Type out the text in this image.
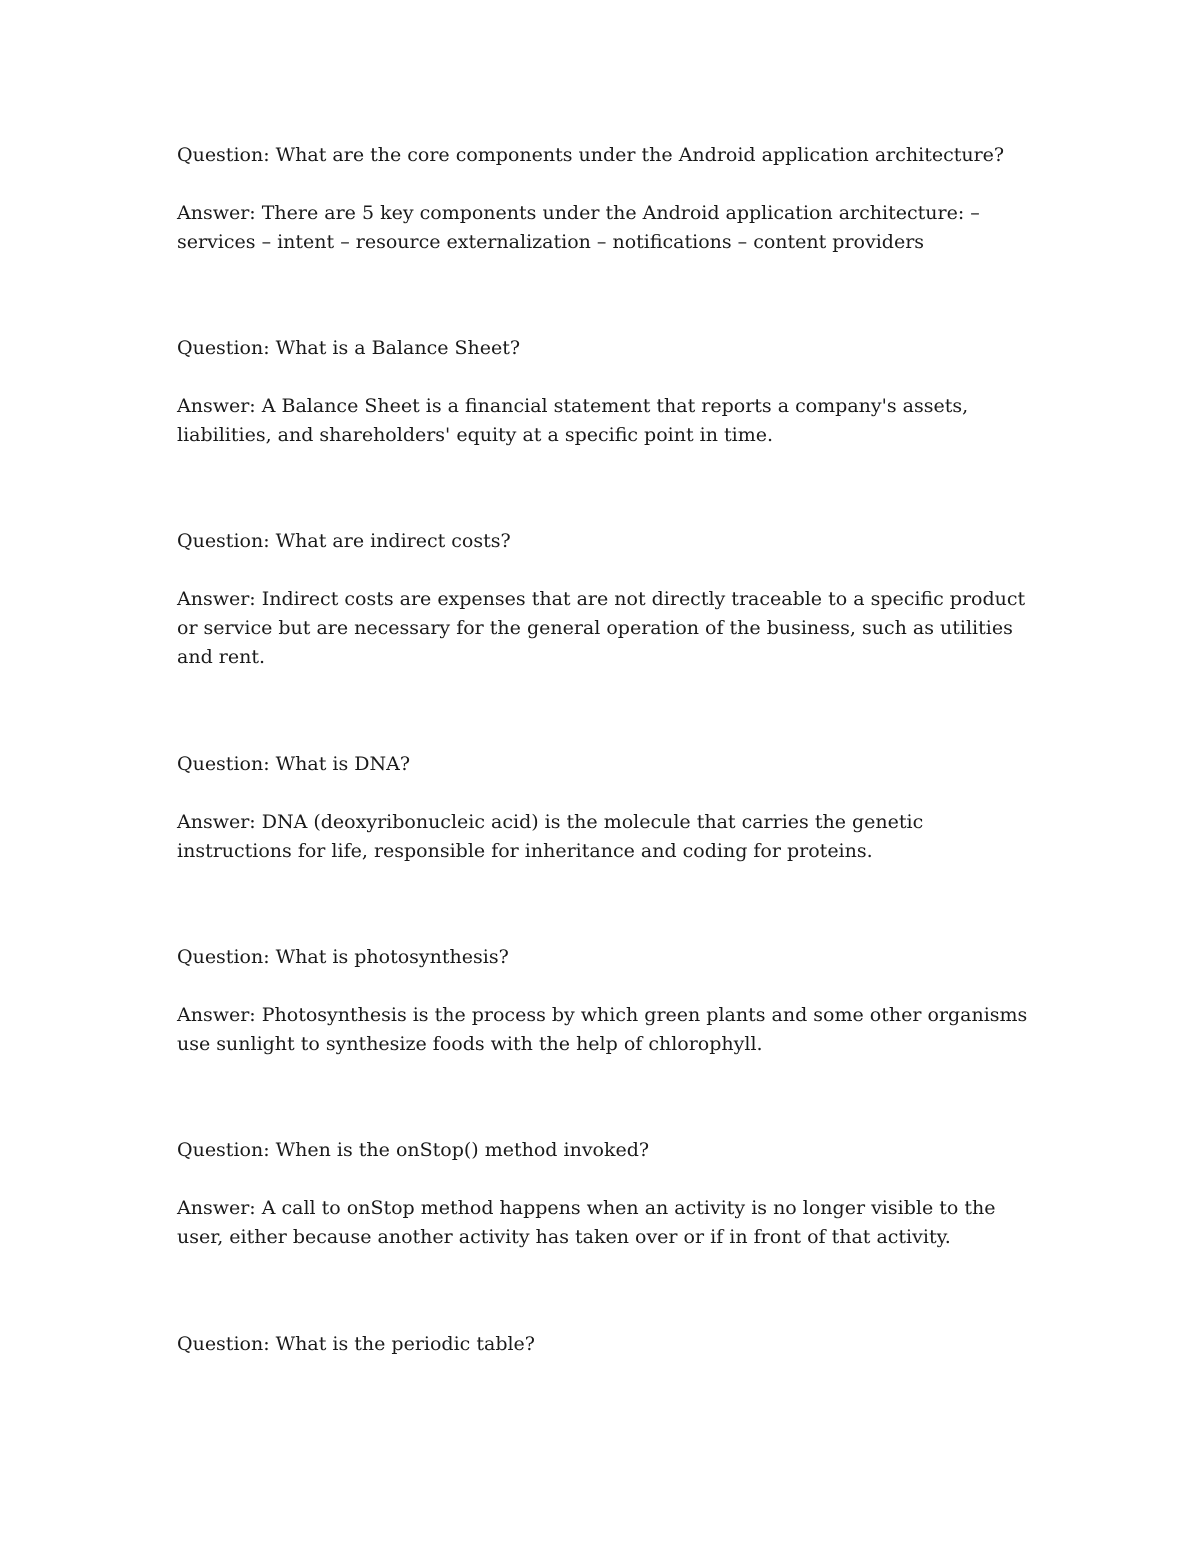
Question: What are the core components under the Android application architecture?

Answer: There are 5 key components under the Android application architecture: – services – intent – resource externalization – notifications – content providers

Question: What is a Balance Sheet?

Answer: A Balance Sheet is a financial statement that reports a company's assets, liabilities, and shareholders' equity at a specific point in time.

Question: What are indirect costs?

Answer: Indirect costs are expenses that are not directly traceable to a specific product or service but are necessary for the general operation of the business, such as utilities and rent.

Question: What is DNA?

Answer: DNA (deoxyribonucleic acid) is the molecule that carries the genetic instructions for life, responsible for inheritance and coding for proteins.

Question: What is photosynthesis?

Answer: Photosynthesis is the process by which green plants and some other organisms use sunlight to synthesize foods with the help of chlorophyll.

Question: When is the onStop() method invoked?

Answer: A call to onStop method happens when an activity is no longer visible to the user, either because another activity has taken over or if in front of that activity.

Question: What is the periodic table?
